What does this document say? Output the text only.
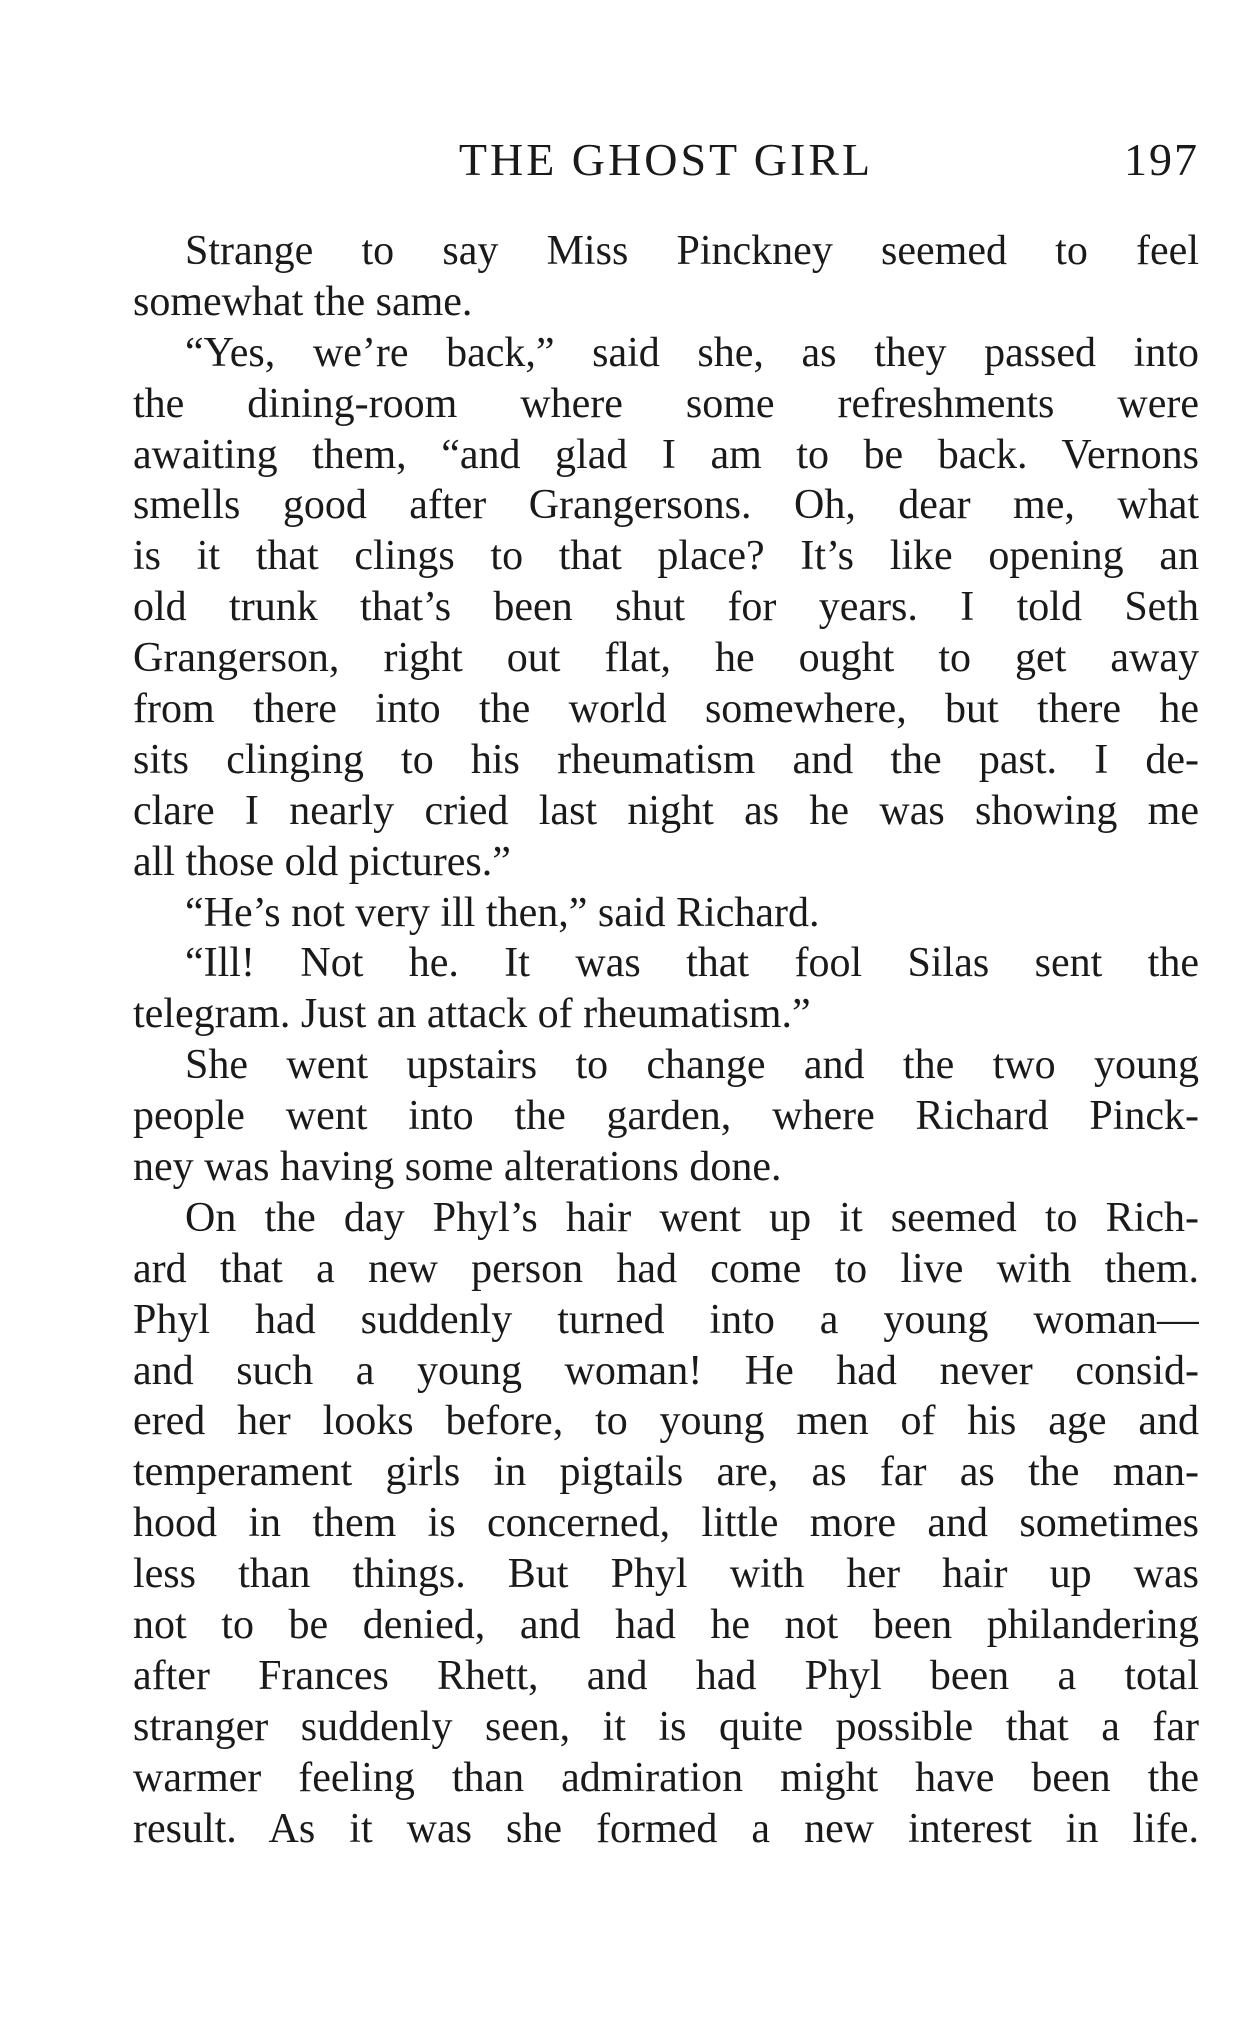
THE GHOST GIRL	197
Strange to say Miss Pinckney seemed to feel
somewhat the same.
“Yes, we’re back,” said she, as they passed into
the dining-room where some refreshments were
awaiting them, “and glad I am to be back. Vernons
smells good after Grangersons. Oh, dear me, what
is it that clings to that place? It’s like opening an
old trunk that’s been shut for years. I told Seth
Grangerson, right out flat, he ought to get away
from there into the world somewhere, but there he
sits clinging to his rheumatism and the past. I de-
clare I nearly cried last night as he was showing me
all those old pictures.”
“He’s not very ill then,” said Richard.
“Ill! Not he. It was that fool Silas sent the
telegram. Just an attack of rheumatism.”
She went upstairs to change and the two young
people went into the garden, where Richard Pinck-
ney was having some alterations done.
On the day Phyl’s hair went up it seemed to Rich-
ard that a new person had come to live with them.
Phyl had suddenly turned into a young woman—
and such a young woman! He had never consid-
ered her looks before, to young men of his age and
temperament girls in pigtails are, as far as the man-
hood in them is concerned, little more and sometimes
less than things. But Phyl with her hair up was
not to be denied, and had he not been philandering
after Frances Rhett, and had Phyl been a total
stranger suddenly seen, it is quite possible that a far
warmer feeling than admiration might have been the
result. As it was she formed a new interest in life.
